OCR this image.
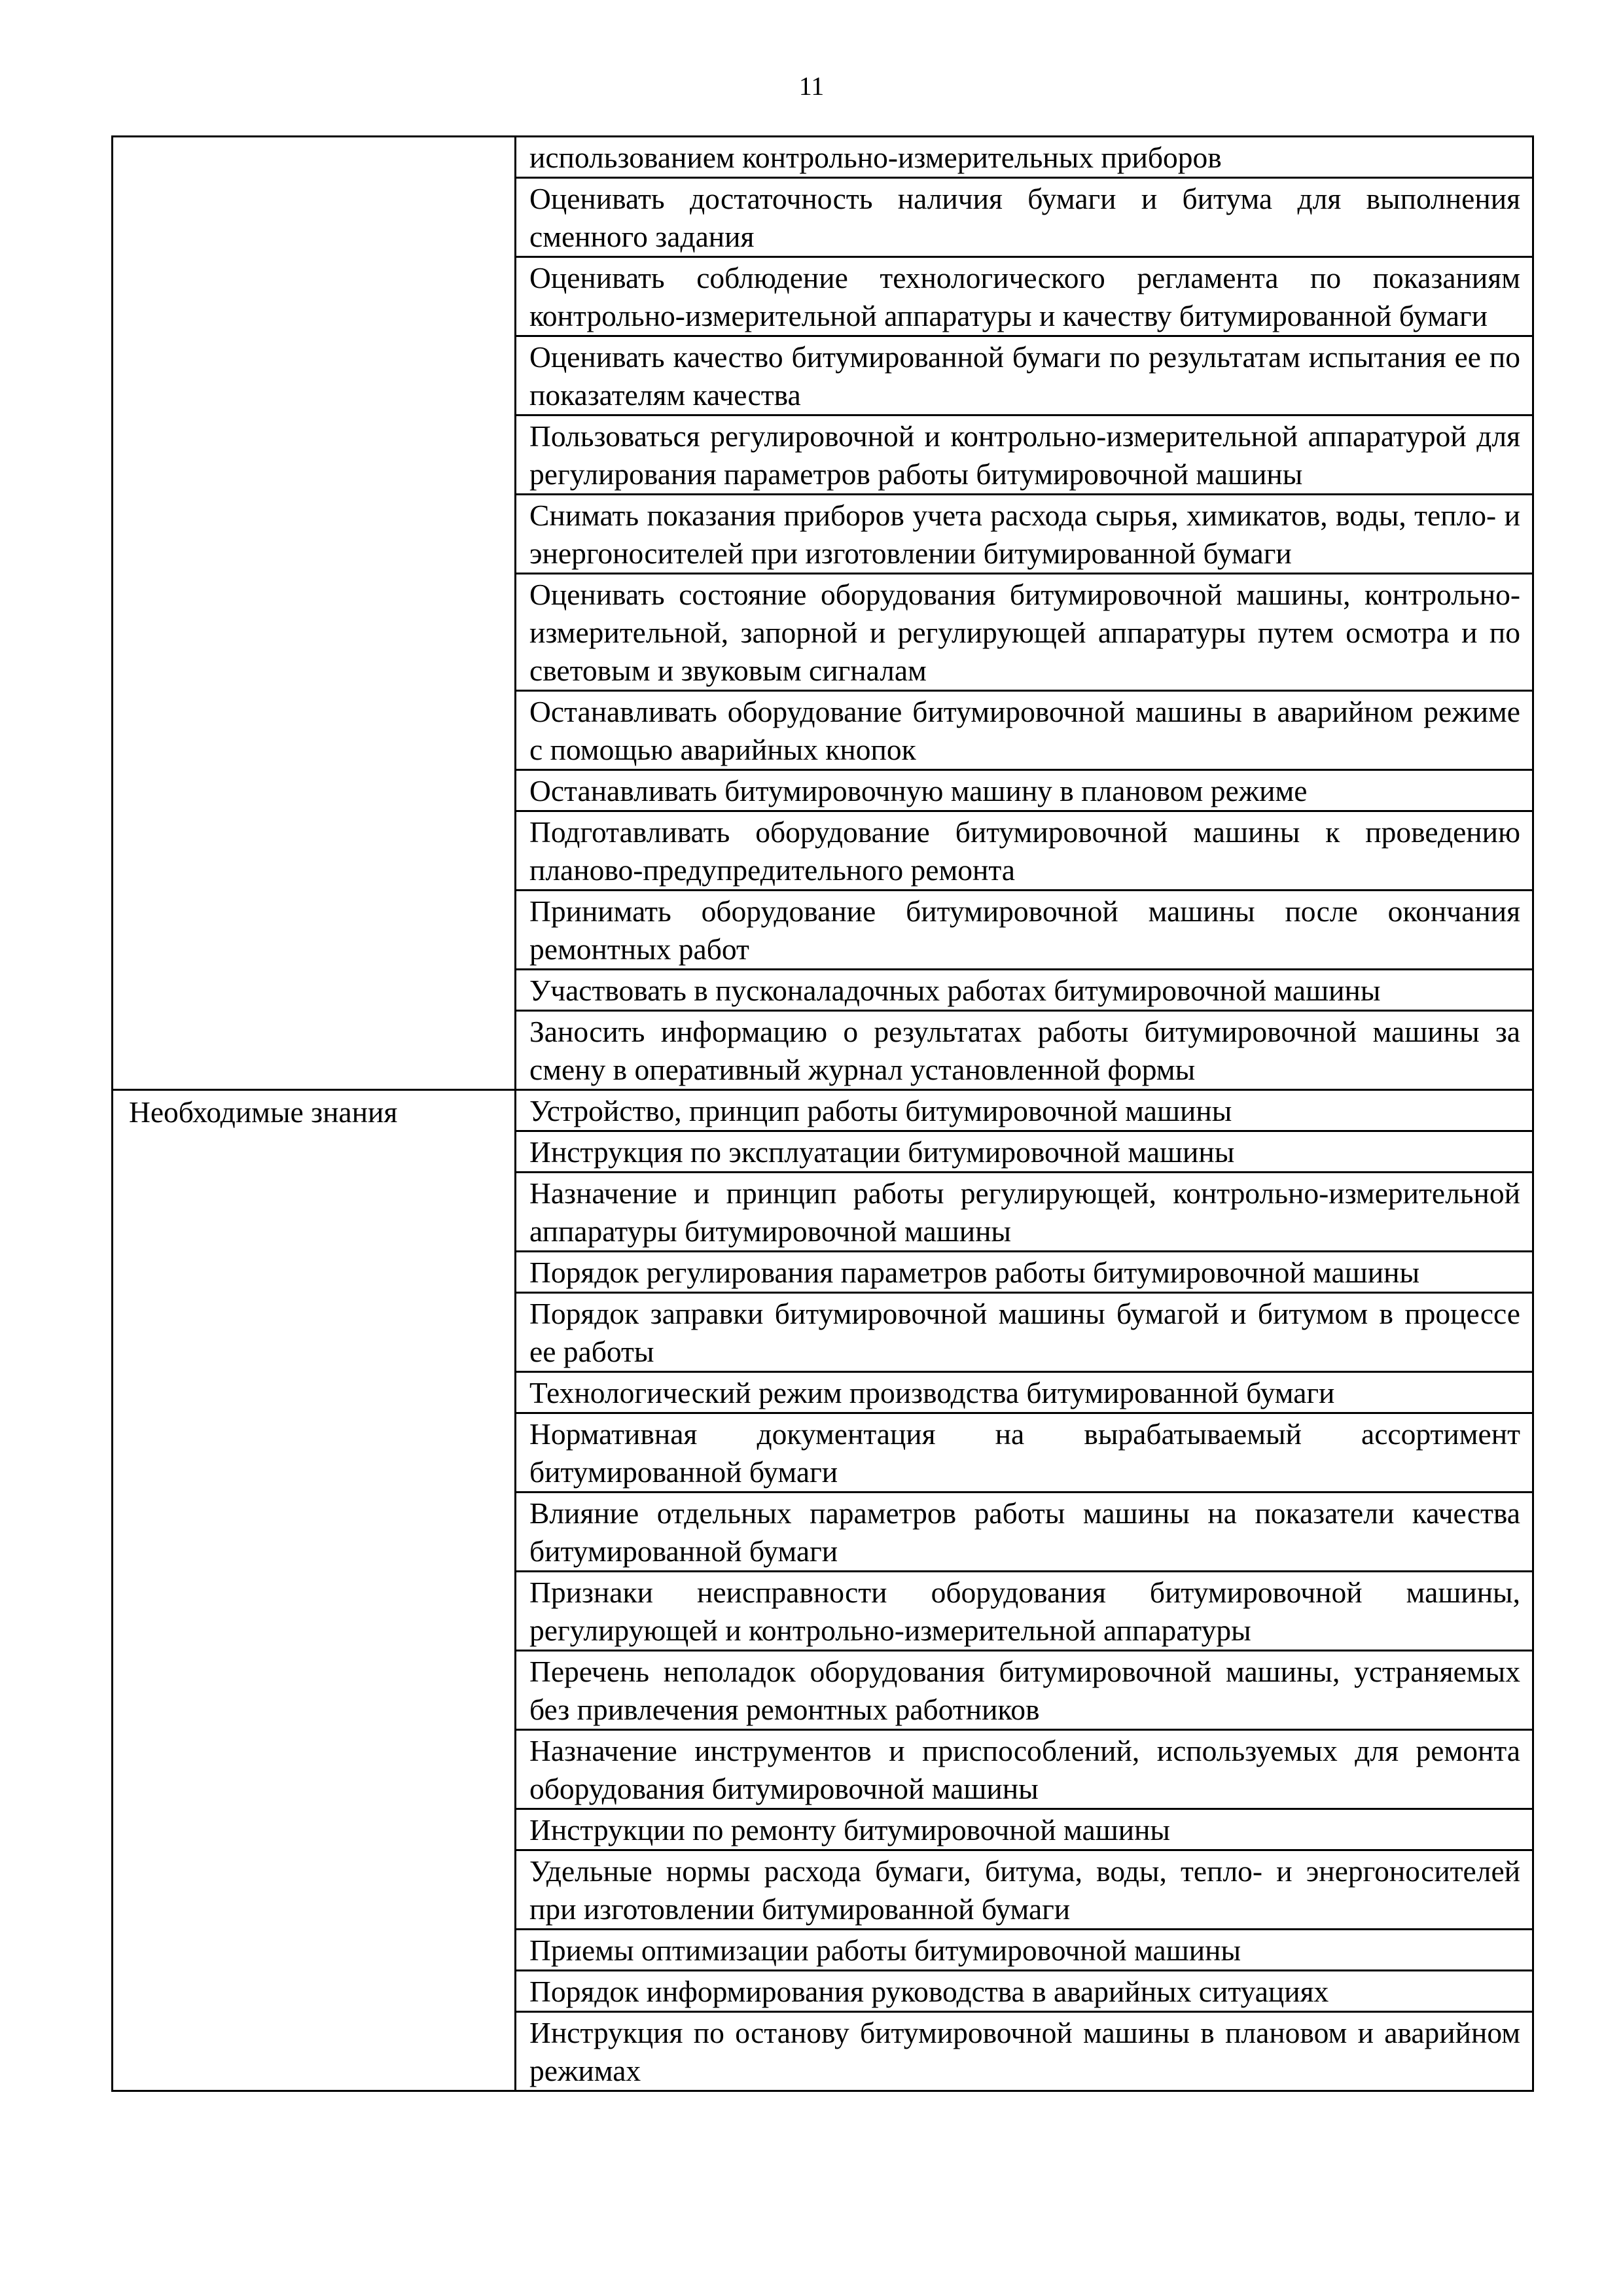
11
	использованием контрольно-измерительных приборов
	Оценивать достаточность наличия бумаги и битума для выполнения сменного задания
	Оценивать соблюдение технологического регламента по показаниям контрольно-измерительной аппаратуры и качеству битумированной бумаги
	Оценивать качество битумированной бумаги по результатам испытания ее по показателям качества
	Пользоваться регулировочной и контрольно-измерительной аппаратурой для регулирования параметров работы битумировочной машины
	Снимать показания приборов учета расхода сырья, химикатов, воды, тепло- и энергоносителей при изготовлении битумированной бумаги
	Оценивать состояние оборудования битумировочной машины, контрольно-измерительной, запорной и регулирующей аппаратуры путем осмотра и по световым и звуковым сигналам
	Останавливать оборудование битумировочной машины в аварийном режиме с помощью аварийных кнопок
	Останавливать битумировочную машину в плановом режиме
	Подготавливать оборудование битумировочной машины к проведению планово-предупредительного ремонта
	Принимать оборудование битумировочной машины после окончания ремонтных работ
	Участвовать в пусконаладочных работах битумировочной машины
	Заносить информацию о результатах работы битумировочной машины за смену в оперативный журнал установленной формы
Необходимые знания	Устройство, принцип работы битумировочной машины
	Инструкция по эксплуатации битумировочной машины
	Назначение и принцип работы регулирующей, контрольно-измерительной аппаратуры битумировочной машины
	Порядок регулирования параметров работы битумировочной машины
	Порядок заправки битумировочной машины бумагой и битумом в процессе ее работы
	Технологический режим производства битумированной бумаги
	Нормативная документация на вырабатываемый ассортимент битумированной бумаги
	Влияние отдельных параметров работы машины на показатели качества битумированной бумаги
	Признаки неисправности оборудования битумировочной машины, регулирующей и контрольно-измерительной аппаратуры
	Перечень неполадок оборудования битумировочной машины, устраняемых без привлечения ремонтных работников
	Назначение инструментов и приспособлений, используемых для ремонта оборудования битумировочной машины
	Инструкции по ремонту битумировочной машины
	Удельные нормы расхода бумаги, битума, воды, тепло- и энергоносителей при изготовлении битумированной бумаги
	Приемы оптимизации работы битумировочной машины
	Порядок информирования руководства в аварийных ситуациях
	Инструкция по останову битумировочной машины в плановом и аварийном режимах
